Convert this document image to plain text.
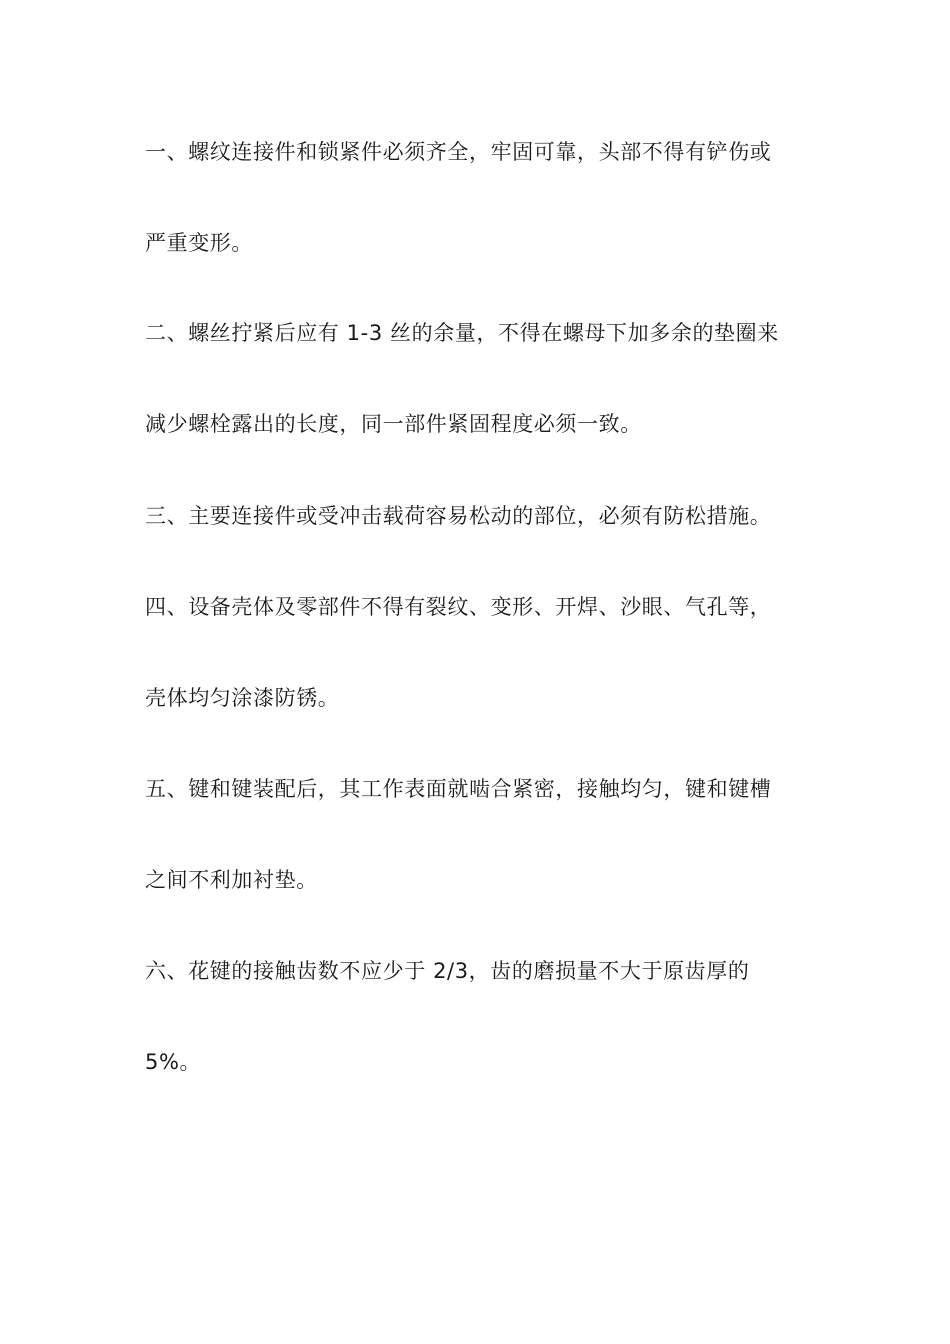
一、螺纹连接件和锁紧件必须齐全，牢固可靠，头部不得有铲伤或
严重变形。
二、螺丝拧紧后应有 1-3 丝的余量，不得在螺母下加多余的垫圈来
减少螺栓露出的长度，同一部件紧固程度必须一致。
三、主要连接件或受冲击载荷容易松动的部位，必须有防松措施。
四、设备壳体及零部件不得有裂纹、变形、开焊、沙眼、气孔等，
壳体均匀涂漆防锈。
五、键和键装配后，其工作表面就啮合紧密，接触均匀，键和键槽
之间不利加衬垫。
六、花键的接触齿数不应少于 2/3，齿的磨损量不大于原齿厚的
5%。
